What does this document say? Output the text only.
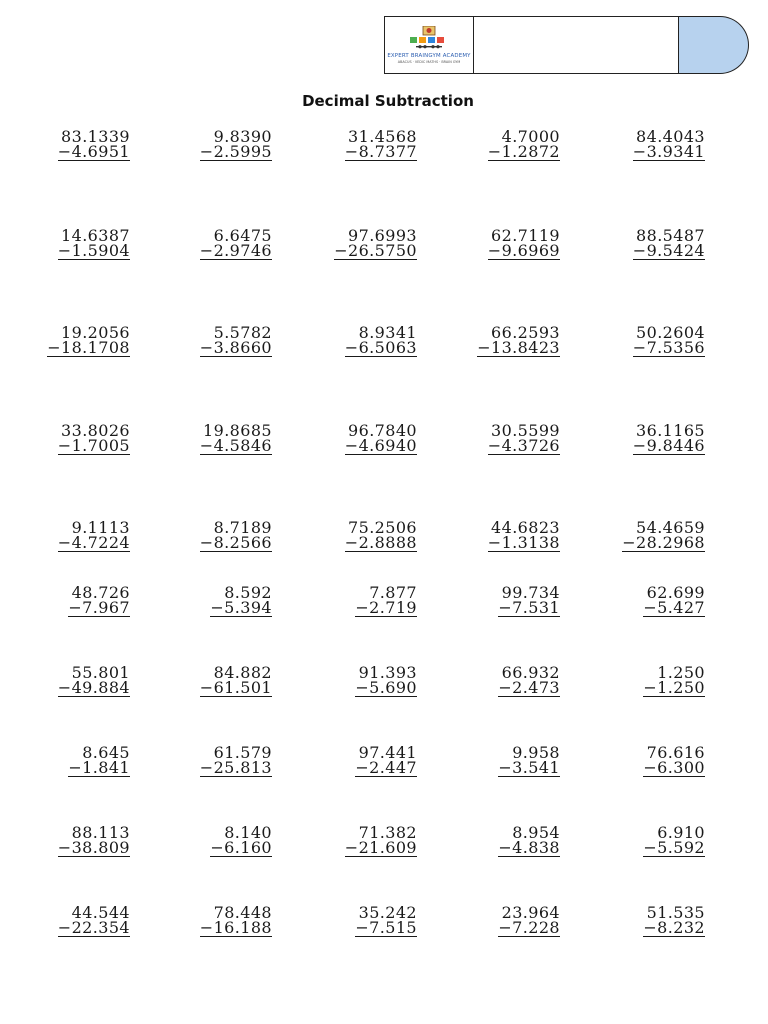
EXPERT BRAINGYM ACADEMY
ABACUS · VEDIC MATHS · BRAIN GYM
Decimal Subtraction
83.1339
−4.6951
9.8390
−2.5995
31.4568
−8.7377
4.7000
−1.2872
84.4043
−3.9341
14.6387
−1.5904
6.6475
−2.9746
97.6993
−26.5750
62.7119
−9.6969
88.5487
−9.5424
19.2056
−18.1708
5.5782
−3.8660
8.9341
−6.5063
66.2593
−13.8423
50.2604
−7.5356
33.8026
−1.7005
19.8685
−4.5846
96.7840
−4.6940
30.5599
−4.3726
36.1165
−9.8446
9.1113
−4.7224
8.7189
−8.2566
75.2506
−2.8888
44.6823
−1.3138
54.4659
−28.2968
48.726
−7.967
8.592
−5.394
7.877
−2.719
99.734
−7.531
62.699
−5.427
55.801
−49.884
84.882
−61.501
91.393
−5.690
66.932
−2.473
1.250
−1.250
8.645
−1.841
61.579
−25.813
97.441
−2.447
9.958
−3.541
76.616
−6.300
88.113
−38.809
8.140
−6.160
71.382
−21.609
8.954
−4.838
6.910
−5.592
44.544
−22.354
78.448
−16.188
35.242
−7.515
23.964
−7.228
51.535
−8.232
